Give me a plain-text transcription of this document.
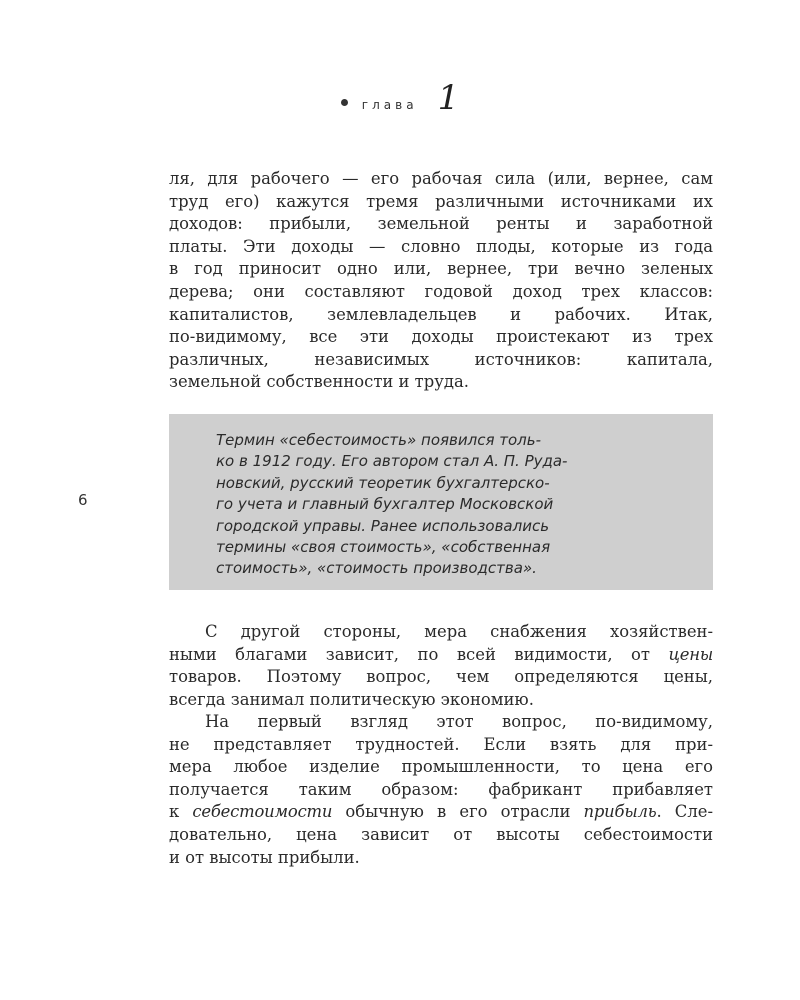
глава 1
ля, для рабочего — его рабочая сила (или, вернее, сам
труд его) кажутся тремя различными источниками их
доходов: прибыли, земельной ренты и заработной
платы. Эти доходы — словно плоды, которые из года
в год приносит одно или, вернее, три вечно зеленых
дерева; они составляют годовой доход трех классов:
капиталистов, землевладельцев и рабочих. Итак,
по-видимому, все эти доходы проистекают из трех
различных, независимых источников: капитала,
земельной собственности и труда.
Термин «себестоимость» появился толь-
ко в 1912 году. Его автором стал А. П. Руда-
новский, русский теоретик бухгалтерско-
го учета и главный бухгалтер Московской
городской управы. Ранее использовались
термины «своя стоимость», «собственная
стоимость», «стоимость производства».
6
С другой стороны, мера снабжения хозяйствен-
ными благами зависит, по всей видимости, от цены
товаров. Поэтому вопрос, чем определяются цены,
всегда занимал политическую экономию.
На первый взгляд этот вопрос, по-видимому,
не представляет трудностей. Если взять для при-
мера любое изделие промышленности, то цена его
получается таким образом: фабрикант прибавляет
к себестоимости обычную в его отрасли прибыль. Сле-
довательно, цена зависит от высоты себестоимости
и от высоты прибыли.
